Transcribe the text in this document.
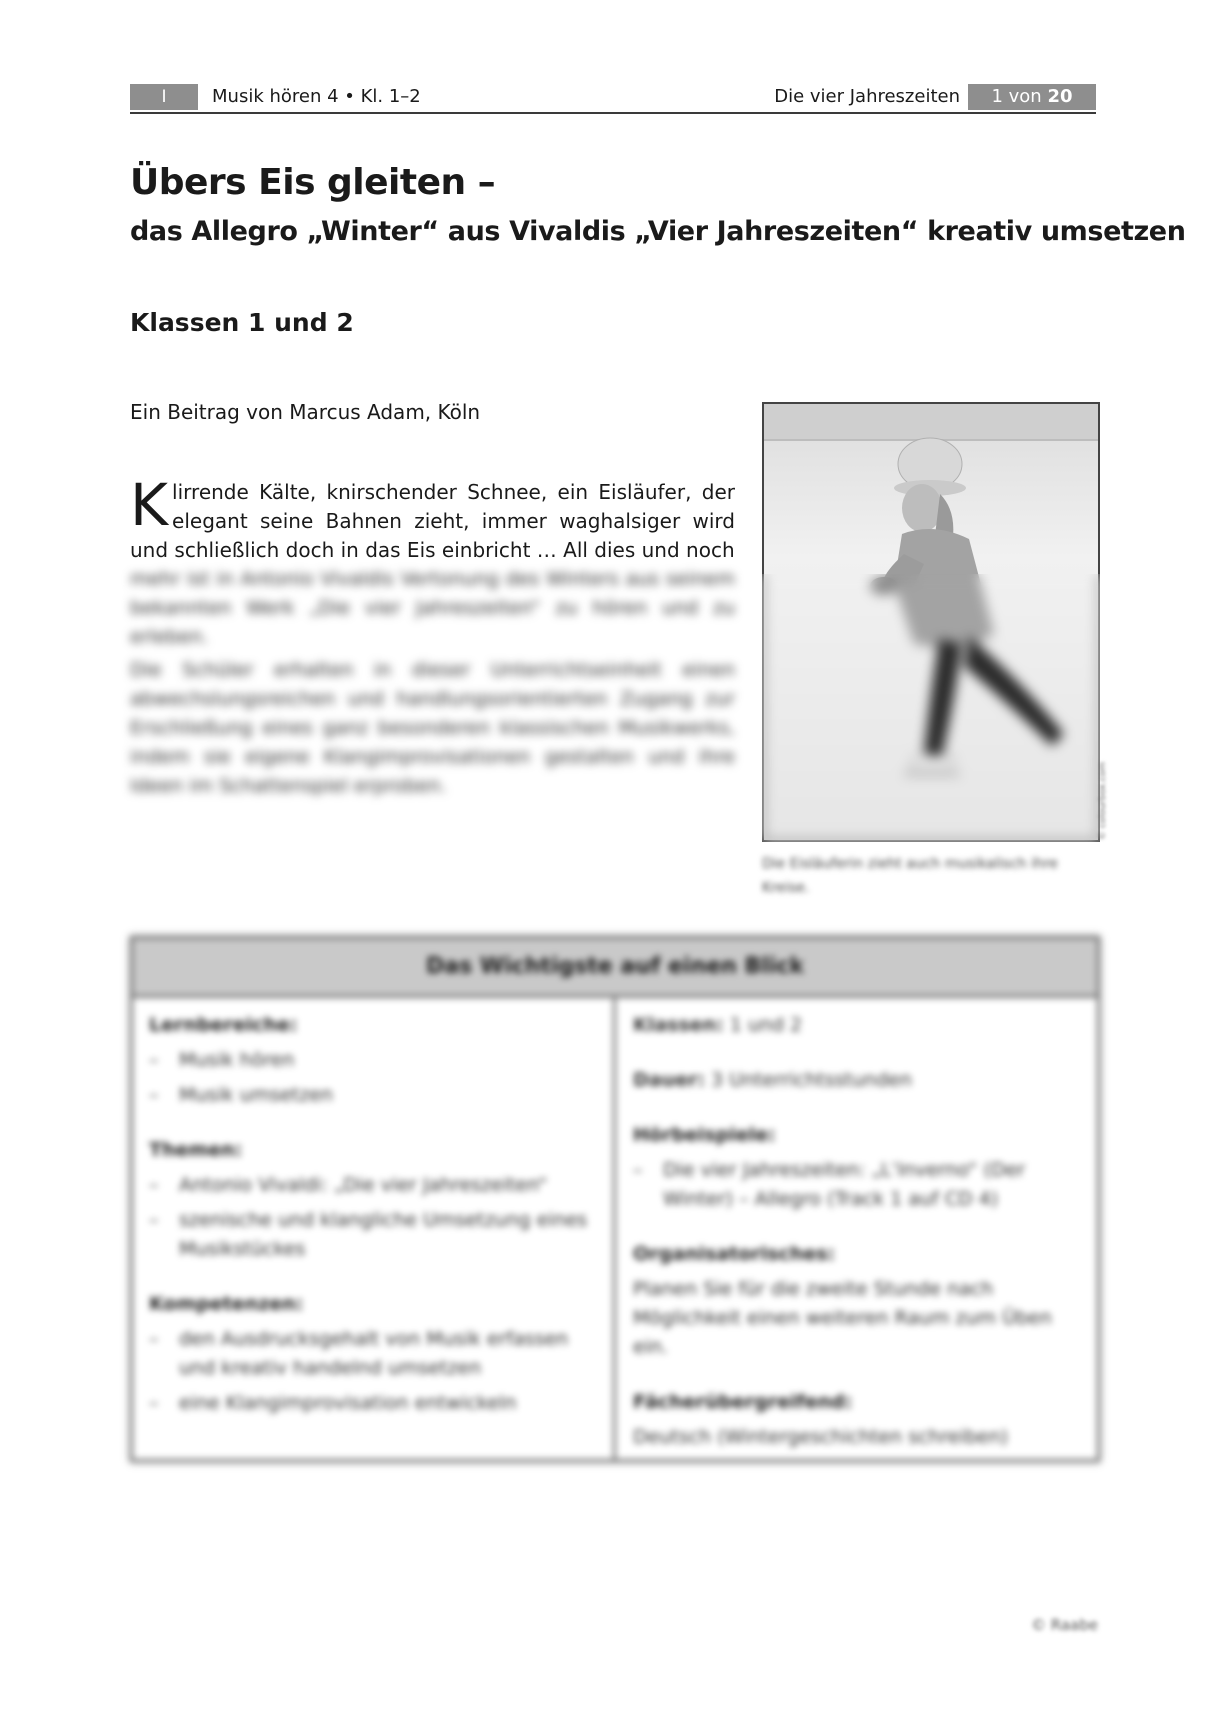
I	Musik hören 4 • Kl. 1–2	Die vier Jahreszeiten	1 von 20
Übers Eis gleiten –
das Allegro „Winter“ aus Vivaldis „Vier Jahreszeiten“ kreativ umsetzen
Klassen 1 und 2

Ein Beitrag von Marcus Adam, Köln

Klirrende Kälte, knirschender Schnee, ein Eisläufer, der elegant seine Bahnen zieht, immer waghalsiger wird und schließlich doch in das Eis einbricht … All dies und noch

mehr ist in Antonio Vivaldis Vertonung des Winters aus seinem bekannten Werk „Die vier Jahreszeiten“ zu hören und zu erleben.

Die Schüler erhalten in dieser Unterrichtseinheit einen abwechslungsreichen und handlungsorientierten Zugang zur Erschließung eines ganz besonderen klassischen Musikwerks, indem sie eigene Klangimprovisationen gestalten und ihre Ideen im Schattenspiel erproben.	© colourbox.com

Die Eisläuferin zieht auch musikalisch ihre Kreise.

Das Wichtigste auf einen Blick
Lernbereiche:
– Musik hören
– Musik umsetzen
Themen:
– Antonio Vivaldi: „Die vier Jahreszeiten“
– szenische und klangliche Umsetzung eines Musikstückes
Kompetenzen:
– den Ausdrucksgehalt von Musik erfassen und kreativ handelnd umsetzen
– eine Klangimprovisation entwickeln
Klassen: 1 und 2
Dauer: 3 Unterrichtsstunden
Hörbeispiele:
– Die vier Jahreszeiten: „L’Inverno“ (Der Winter) – Allegro (Track 1 auf CD 4)
Organisatorisches:

Planen Sie für die zweite Stunde nach Möglichkeit einen weiteren Raum zum Üben ein.

Fächerübergreifend:

Deutsch (Wintergeschichten schreiben)

© Raabe
